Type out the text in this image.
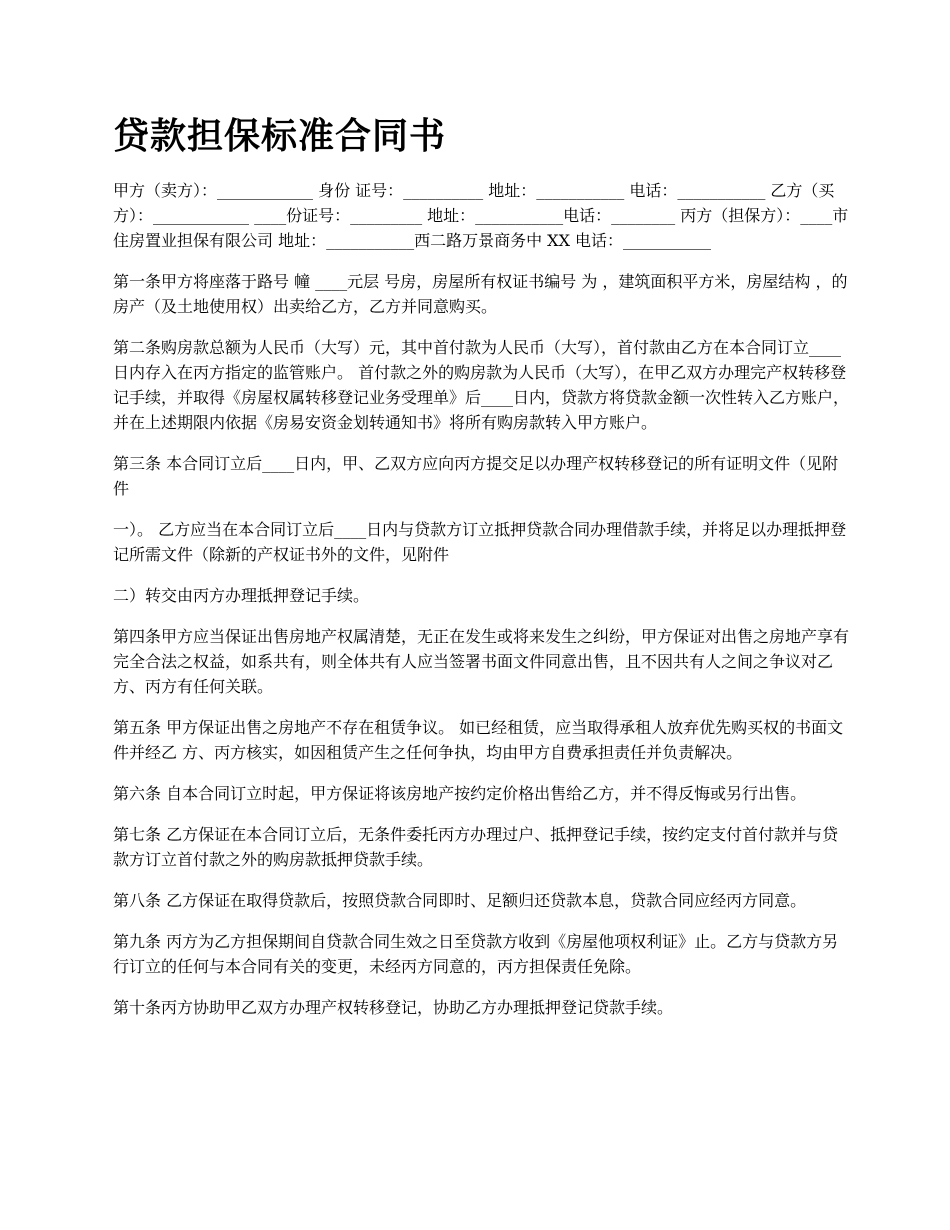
贷款担保标准合同书

甲方（卖方）：____________ 身份 证号：__________ 地址：___________ 电话：___________ 乙方（买方）：____________ ____份证号：_________ 地址：___________电话：________ 丙方（担保方）：____市住房置业担保有限公司 地址：___________西二路万景商务中 XX 电话：___________

第一条甲方将座落于路号 幢 ____元层 号房，房屋所有权证书编号 为 ，建筑面积平方米，房屋结构 ，的房产（及土地使用权）出卖给乙方，乙方并同意购买。

第二条购房款总额为人民币（大写）元，其中首付款为人民币（大写），首付款由乙方在本合同订立____日内存入在丙方指定的监管账户。 首付款之外的购房款为人民币（大写），在甲乙双方办理完产权转移登记手续，并取得《房屋权属转移登记业务受理单》后____日内，贷款方将贷款金额一次性转入乙方账户，并在上述期限内依据《房易安资金划转通知书》将所有购房款转入甲方账户。

第三条 本合同订立后____日内，甲、乙双方应向丙方提交足以办理产权转移登记的所有证明文件（见附件

一）。 乙方应当在本合同订立后____日内与贷款方订立抵押贷款合同办理借款手续，并将足以办理抵押登记所需文件（除新的产权证书外的文件，见附件

二）转交由丙方办理抵押登记手续。

第四条甲方应当保证出售房地产权属清楚，无正在发生或将来发生之纠纷，甲方保证对出售之房地产享有完全合法之权益，如系共有，则全体共有人应当签署书面文件同意出售，且不因共有人之间之争议对乙方、丙方有任何关联。

第五条 甲方保证出售之房地产不存在租赁争议。 如已经租赁，应当取得承租人放弃优先购买权的书面文件并经乙 方、丙方核实，如因租赁产生之任何争执，均由甲方自费承担责任并负责解决。

第六条 自本合同订立时起，甲方保证将该房地产按约定价格出售给乙方，并不得反悔或另行出售。

第七条 乙方保证在本合同订立后，无条件委托丙方办理过户、抵押登记手续，按约定支付首付款并与贷款方订立首付款之外的购房款抵押贷款手续。

第八条 乙方保证在取得贷款后，按照贷款合同即时、足额归还贷款本息，贷款合同应经丙方同意。

第九条 丙方为乙方担保期间自贷款合同生效之日至贷款方收到《房屋他项权利证》止。乙方与贷款方另行订立的任何与本合同有关的变更，未经丙方同意的，丙方担保责任免除。

第十条丙方协助甲乙双方办理产权转移登记，协助乙方办理抵押登记贷款手续。
